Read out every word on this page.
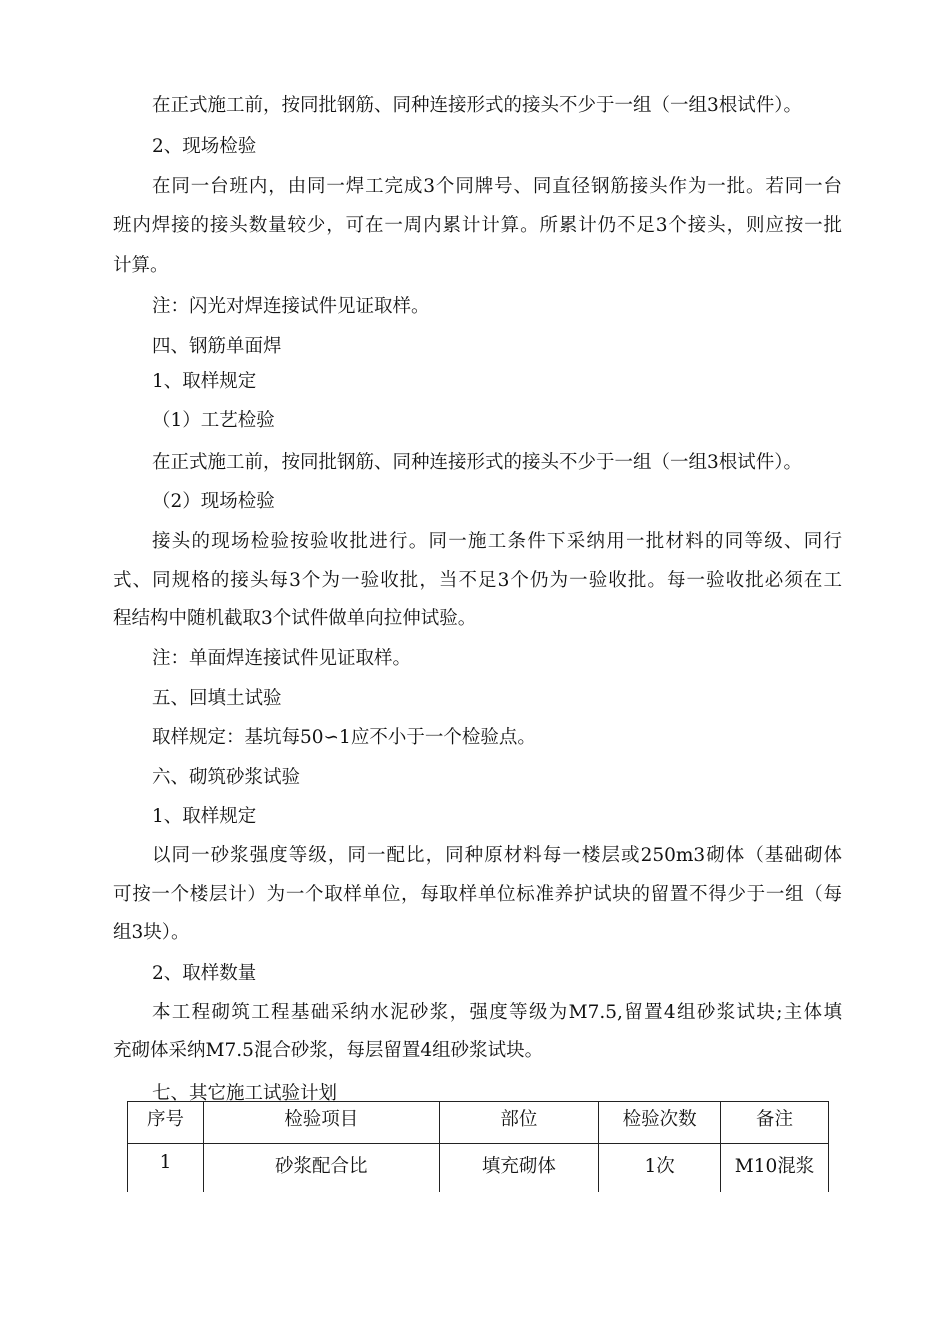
在正式施工前，按同批钢筋、同种连接形式的接头不少于一组（一组3根试件）。
2、现场检验
在同一台班内，由同一焊工完成3个同牌号、同直径钢筋接头作为一批。若同一台
班内焊接的接头数量较少，可在一周内累计计算。所累计仍不足3个接头，则应按一批
计算。
注：闪光对焊连接试件见证取样。
四、钢筋单面焊
1、取样规定
（1）工艺检验
在正式施工前，按同批钢筋、同种连接形式的接头不少于一组（一组3根试件）。
（2）现场检验
接头的现场检验按验收批进行。同一施工条件下采纳用一批材料的同等级、同行
式、同规格的接头每3个为一验收批，当不足3个仍为一验收批。每一验收批必须在工
程结构中随机截取3个试件做单向拉伸试验。
注：单面焊连接试件见证取样。
五、回填土试验
取样规定：基坑每50∽1应不小于一个检验点。
六、砌筑砂浆试验
1、取样规定
以同一砂浆强度等级，同一配比，同种原材料每一楼层或250m3砌体（基础砌体
可按一个楼层计）为一个取样单位，每取样单位标准养护试块的留置不得少于一组（每
组3块）。
2、取样数量
本工程砌筑工程基础采纳水泥砂浆，强度等级为M7.5,留置4组砂浆试块;主体填
充砌体采纳M7.5混合砂浆，每层留置4组砂浆试块。
七、其它施工试验计划
序号	检验项目	部位	检验次数	备注
1	砂浆配合比	填充砌体	1次	M10混浆
